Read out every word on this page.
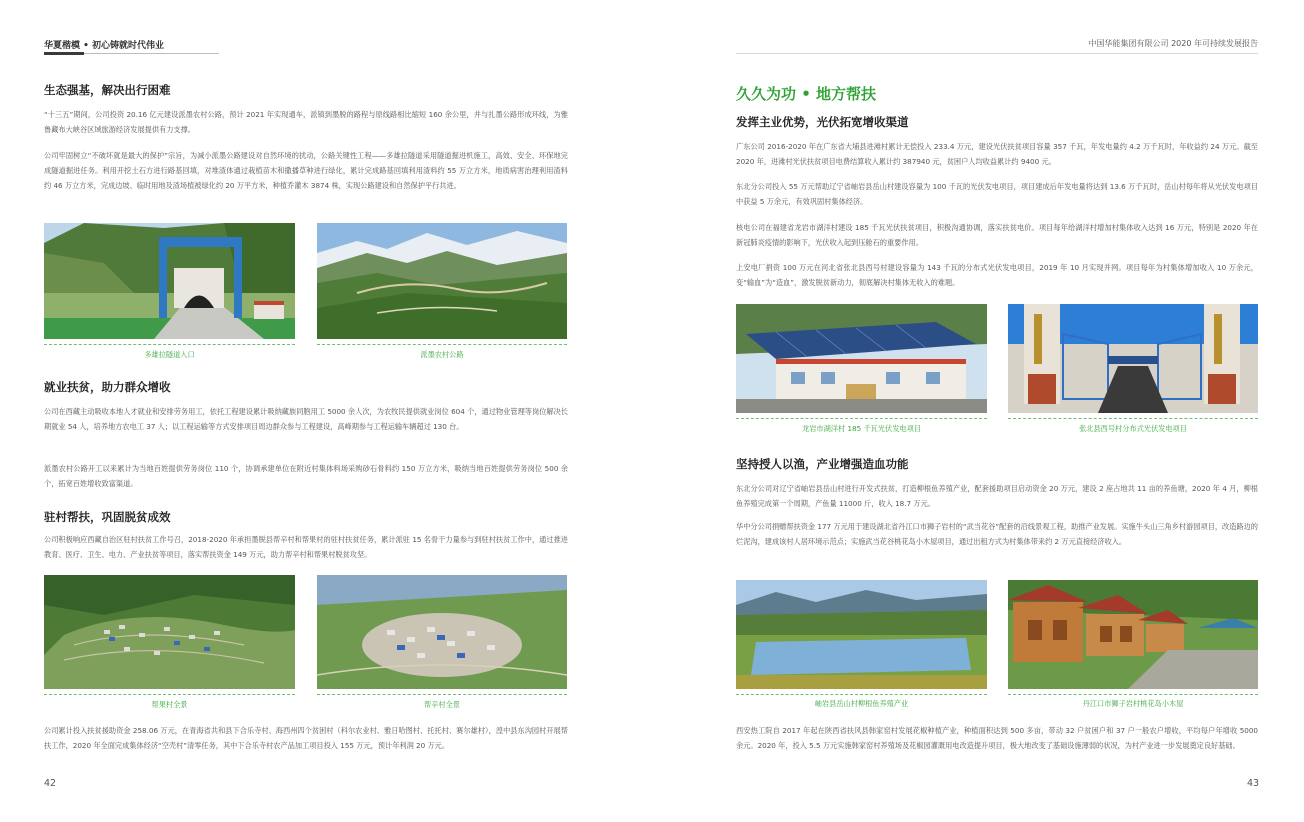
华夏楷模 • 初心铸就时代伟业	中国华能集团有限公司 2020 年可持续发展报告
生态强基，解决出行困难
“十三五”期间，公司投资 20.16 亿元建设派墨农村公路，预计 2021 年实现通车，派镇到墨脱的路程与原线路相比缩短 160 余公里，并与扎墨公路形成环线，为雅鲁藏布大峡谷区域旅游经济发展提供有力支撑。
公司牢固树立“不破坏就是最大的保护”宗旨，为减小派墨公路建设对自然环境的扰动，公路关键性工程——多雄拉隧道采用隧道掘进机施工，高效、安全、环保地完成隧道掘进任务。利用开挖土石方进行路基回填，对堆渣体通过栽植苗木和撒播草种进行绿化，累计完成路基回填利用渣料约 55 万立方米，地质病害治理利用渣料约 46 万立方米，完成边坡、临时用地及渣场植被绿化约 20 万平方米，种植乔灌木 3874 株，实现公路建设和自然保护平行共进。
多雄拉隧道入口	派墨农村公路
就业扶贫，助力群众增收
公司在西藏主动吸收本地人才就业和安排劳务用工，依托工程建设累计吸纳藏族同胞用工 5000 余人次，为农牧民提供就业岗位 604 个，通过物业管理等岗位解决长期就业 54 人，培养地方农电工 37 人；以工程运输等方式安排项目周边群众参与工程建设，高峰期参与工程运输车辆超过 130 台。
派墨农村公路开工以来累计为当地百姓提供劳务岗位 110 个，协调承建单位在附近村集体料场采购砂石骨料约 150 万立方米，吸纳当地百姓提供劳务岗位 500 余个，拓宽百姓增收致富渠道。
驻村帮扶，巩固脱贫成效
公司积极响应西藏自治区驻村扶贫工作号召，2018-2020 年承担墨脱县帮辛村和帮果村的驻村扶贫任务，累计派驻 15 名骨干力量参与到驻村扶贫工作中，通过推进教育、医疗、卫生、电力、产业扶贫等项目，落实帮扶资金 149 万元，助力帮辛村和帮果村脱贫攻坚。
帮果村全景	帮辛村全景
公司累计投入扶贫援助资金 258.06 万元，在青海省共和县下合乐寺村、海西州四个贫困村（科尔农业村、雅日哈图村、托托村、赛尔雄村），湟中县东沟园村开展帮扶工作，2020 年全面完成集体经济“空壳村”清零任务，其中下合乐寺村农产品加工项目投入 155 万元，预计年利润 20 万元。
42
久久为功 • 地方帮扶
发挥主业优势，光伏拓宽增收渠道
广东公司 2016-2020 年在广东省大埔县进滩村累计无偿投入 233.4 万元，建设光伏扶贫项目容量 357 千瓦，年发电量约 4.2 万千瓦时，年收益约 24 万元。截至 2020 年，进滩村光伏扶贫项目电费结算收入累计约 387940 元，贫困户人均收益累计约 9400 元。
东北分公司投入 55 万元帮助辽宁省岫岩县岳山村建设容量为 100 千瓦的光伏发电项目，项目建成后年发电量将达到 13.6 万千瓦时，岳山村每年将从光伏发电项目中获益 5 万余元，有效巩固村集体经济。
核电公司在福建省龙岩市湖洋村建设 185 千瓦光伏扶贫项目，积极沟通协调，落实扶贫电价。项目每年给湖洋村增加村集体收入达到 16 万元，特别是 2020 年在新冠肺炎疫情的影响下，光伏收入起到压舱石的重要作用。
上安电厂捐资 100 万元在河北省张北县西号村建设容量为 143 千瓦的分布式光伏发电项目，2019 年 10 月实现并网。项目每年为村集体增加收入 10 万余元，变“输血”为“造血”，激发脱贫新动力，彻底解决村集体无收入的难题。
龙岩市湖洋村 185 千瓦光伏发电项目	张北县西号村分布式光伏发电项目
坚持授人以渔，产业增强造血功能
东北分公司对辽宁省岫岩县岳山村进行开发式扶贫，打造柳根鱼养殖产业，配套援助项目启动资金 20 万元，建设 2 座占地共 11 亩的养鱼塘，2020 年 4 月，柳根鱼养殖完成第一个周期，产鱼量 11000 斤，收入 18.7 万元。
华中分公司捐赠帮扶资金 177 万元用于建设湖北省丹江口市狮子岩村的“武当花谷”配套的沿线景观工程，助推产业发展。实施牛头山三角乡村游园项目，改造路边的烂泥沟，建成该村人居环境示范点；实施武当花谷桃花岛小木屋项目，通过出租方式为村集体带来约 2 万元直接经济收入。
岫岩县岳山村柳根鱼养殖产业	丹江口市狮子岩村桃花岛小木屋
西安热工院自 2017 年起在陕西省扶风县韩家窑村发展花椒种植产业，种植面积达到 500 多亩，带动 32 户贫困户和 37 户一般农户增收，平均每户年增收 5000 余元。2020 年，投入 5.5 万元实施韩家窑村养殖场及花椒园灌溉用电改造提升项目，极大地改变了基础设施薄弱的状况，为村产业进一步发展奠定良好基础。
43
